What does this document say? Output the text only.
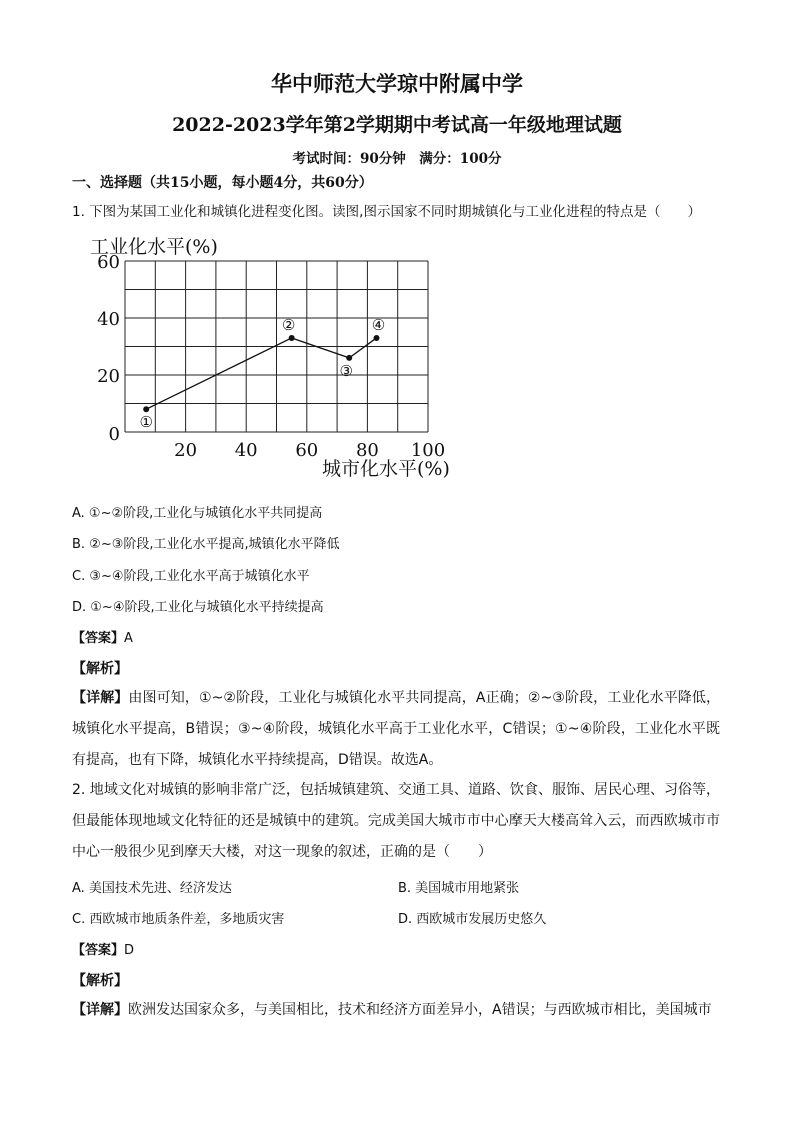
华中师范大学琼中附属中学
2022-2023学年第2学期期中考试高一年级地理试题
考试时间：90分钟　满分：100分
一、选择题（共15小题，每小题4分，共60分）
1. 下图为某国工业化和城镇化进程变化图。读图,图示国家不同时期城镇化与工业化进程的特点是（　　）
工业化水平(%)
城市化水平(%)
0
20
40
60
20 40 60 80 100
①
②
③
④
A. ①~②阶段,工业化与城镇化水平共同提高
B. ②~③阶段,工业化水平提高,城镇化水平降低
C. ③~④阶段,工业化水平高于城镇化水平
D. ①~④阶段,工业化与城镇化水平持续提高
【答案】A
【解析】
【详解】由图可知，①~②阶段，工业化与城镇化水平共同提高，A正确；②~③阶段，工业化水平降低，城镇化水平提高，B错误；③~④阶段，城镇化水平高于工业化水平，C错误；①~④阶段，工业化水平既有提高，也有下降，城镇化水平持续提高，D错误。故选A。
2. 地域文化对城镇的影响非常广泛，包括城镇建筑、交通工具、道路、饮食、服饰、居民心理、习俗等，但最能体现地域文化特征的还是城镇中的建筑。完成美国大城市市中心摩天大楼高耸入云，而西欧城市市中心一般很少见到摩天大楼，对这一现象的叙述，正确的是（　　）
A. 美国技术先进、经济发达	B. 美国城市用地紧张
C. 西欧城市地质条件差，多地质灾害	D. 西欧城市发展历史悠久
【答案】D
【解析】
【详解】欧洲发达国家众多，与美国相比，技术和经济方面差异小，A错误；与西欧城市相比，美国城市
